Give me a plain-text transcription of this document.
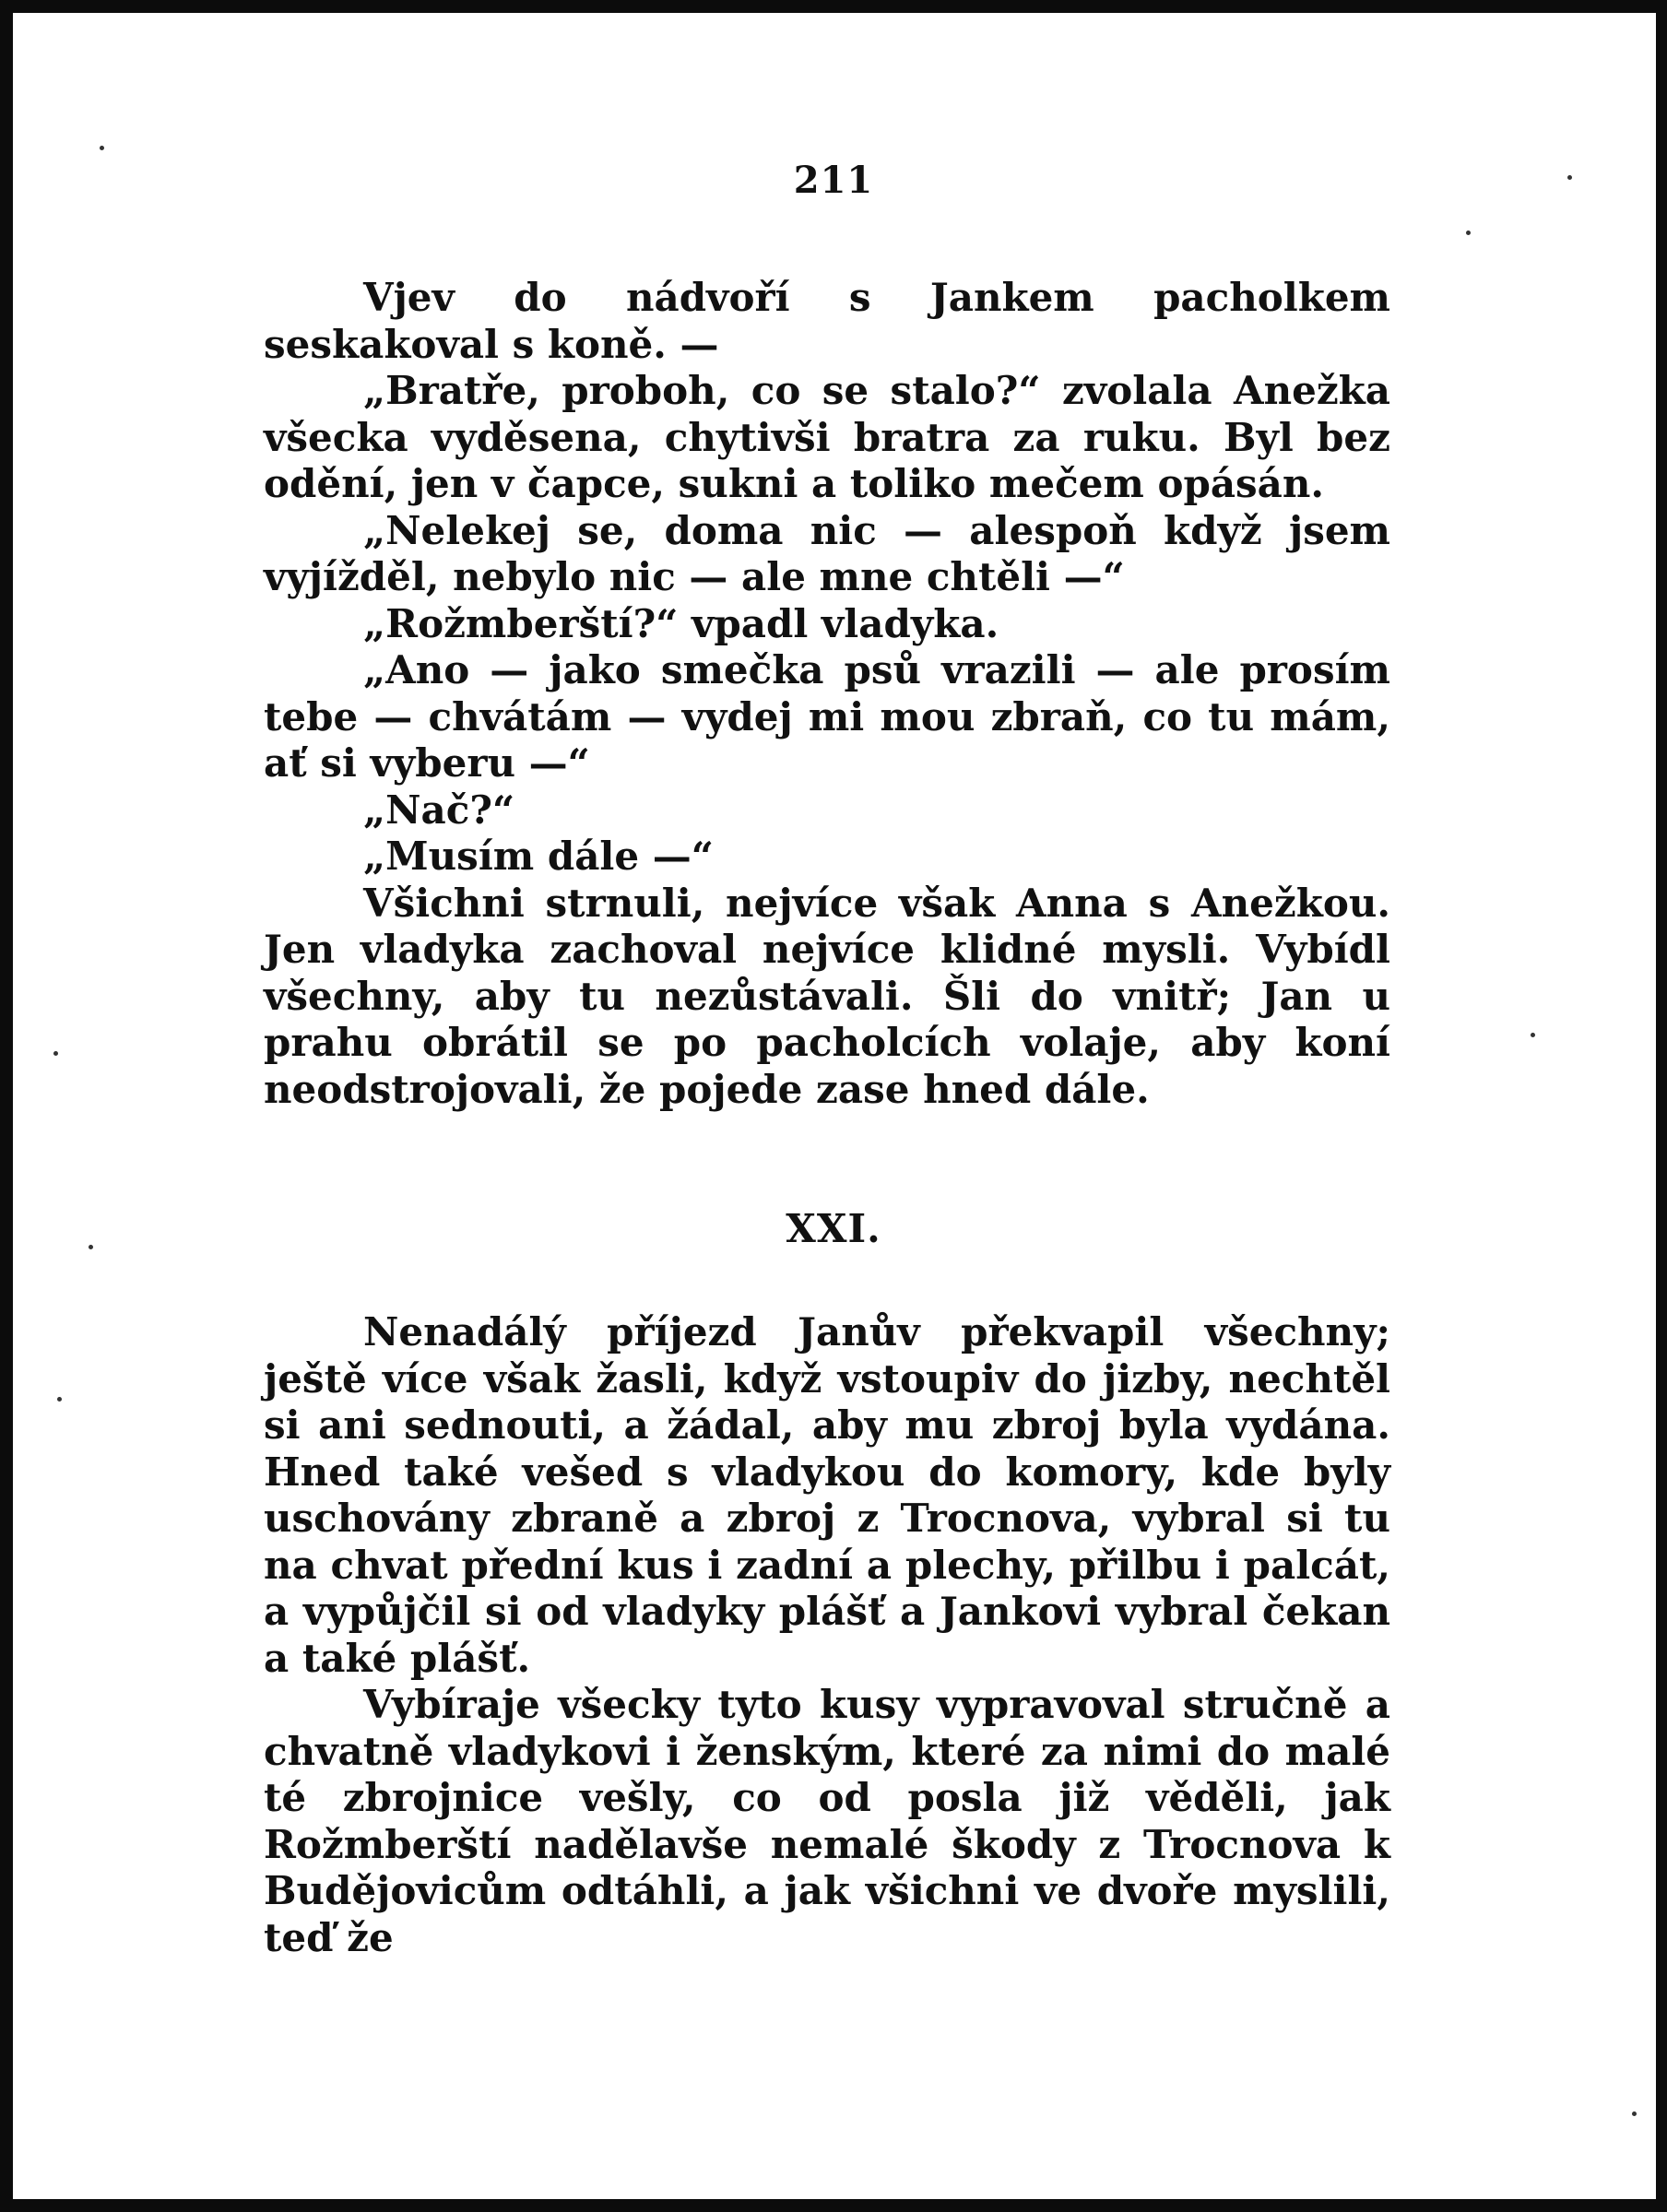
211

Vjev do nádvoří s Jankem pacholkem seskakoval s koně. —

„Bratře, proboh, co se stalo?“ zvolala Anežka všecka vyděsena, chytivši bratra za ruku. Byl bez odění, jen v čapce, sukni a toliko mečem opásán.

„Nelekej se, doma nic — alespoň když jsem vyjížděl, nebylo nic — ale mne chtěli —“

„Rožmberští?“ vpadl vladyka.

„Ano — jako smečka psů vrazili — ale prosím tebe — chvátám — vydej mi mou zbraň, co tu mám, ať si vyberu —“

„Nač?“

„Musím dále —“

Všichni strnuli, nejvíce však Anna s Anežkou. Jen vladyka zachoval nejvíce klidné mysli. Vybídl všechny, aby tu nezůstávali. Šli do vnitř; Jan u prahu obrátil se po pacholcích volaje, aby koní neodstrojovali, že pojede zase hned dále.

XXI.

Nenadálý příjezd Janův překvapil všechny; ještě více však žasli, když vstoupiv do jizby, nechtěl si ani sednouti, a žádal, aby mu zbroj byla vydána. Hned také vešed s vladykou do komory, kde byly uschovány zbraně a zbroj z Trocnova, vybral si tu na chvat přední kus i zadní a plechy, přilbu i palcát, a vypůjčil si od vladyky plášť a Jankovi vybral čekan a také plášť.

Vybíraje všecky tyto kusy vypravoval stručně a chvatně vladykovi i ženským, které za nimi do malé té zbrojnice vešly, co od posla již věděli, jak Rožmberští nadělavše nemalé škody z Trocnova k Budějovicům odtáhli, a jak všichni ve dvoře myslili, teď že
